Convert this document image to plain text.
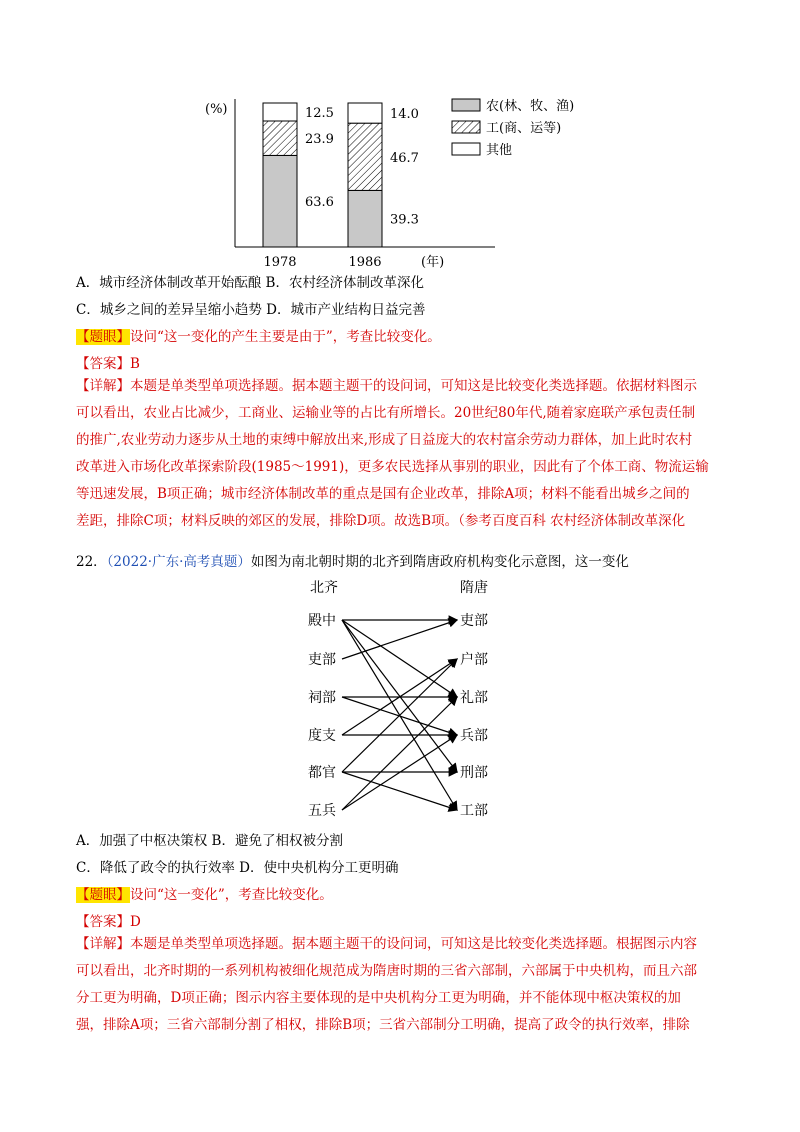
(%)
63.6
23.9
12.5
39.3
46.7
14.0
1978	1986	(年)
农(林、牧、渔)
工(商、运等)
其他
A．城市经济体制改革开始酝酿 B．农村经济体制改革深化
C．城乡之间的差异呈缩小趋势 D．城市产业结构日益完善
【题眼】设问“这一变化的产生主要是由于”，考查比较变化。
【答案】B
【详解】本题是单类型单项选择题。据本题主题干的设问词，可知这是比较变化类选择题。依据材料图示
可以看出，农业占比减少，工商业、运输业等的占比有所增长。20世纪80年代,随着家庭联产承包责任制
的推广,农业劳动力逐步从土地的束缚中解放出来,形成了日益庞大的农村富余劳动力群体，加上此时农村
改革进入市场化改革探索阶段(1985～1991)，更多农民选择从事别的职业，因此有了个体工商、物流运输
等迅速发展，B项正确；城市经济体制改革的重点是国有企业改革，排除A项；材料不能看出城乡之间的
差距，排除C项；材料反映的郊区的发展，排除D项。故选B项。（参考百度百科 农村经济体制改革深化
22．（2022·广东·高考真题）如图为南北朝时期的北齐到隋唐政府机构变化示意图，这一变化
北齐	隋唐
殿中
吏部
祠部
度支
都官
五兵
吏部
户部
礼部
兵部
刑部
工部
A．加强了中枢决策权 B．避免了相权被分割
C．降低了政令的执行效率 D．使中央机构分工更明确
【题眼】设问“这一变化”，考查比较变化。
【答案】D
【详解】本题是单类型单项选择题。据本题主题干的设问词，可知这是比较变化类选择题。根据图示内容
可以看出，北齐时期的一系列机构被细化规范成为隋唐时期的三省六部制，六部属于中央机构，而且六部
分工更为明确，D项正确；图示内容主要体现的是中央机构分工更为明确，并不能体现中枢决策权的加
强，排除A项；三省六部制分割了相权，排除B项；三省六部制分工明确，提高了政令的执行效率，排除
